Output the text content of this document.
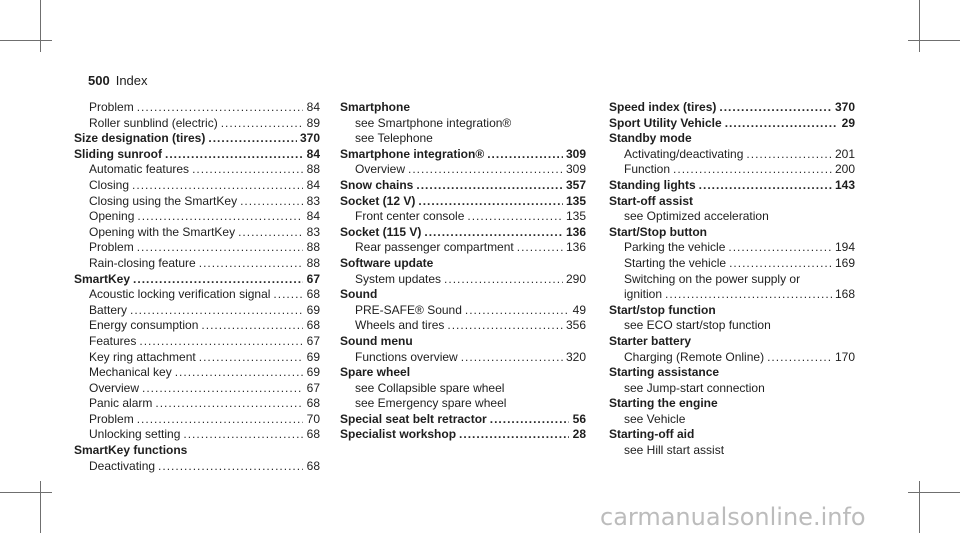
500 Index
Problem .....	84
Roller sunblind (electric) .....	89
Size designation (tires) .....	370
Sliding sunroof .....	84
Automatic features .....	88
Closing .....	84
Closing using the SmartKey .....	83
Opening .....	84
Opening with the SmartKey .....	83
Problem .....	88
Rain-closing feature .....	88
SmartKey .....	67
Acoustic locking verification signal .....	68
Battery .....	69
Energy consumption .....	68
Features .....	67
Key ring attachment .....	69
Mechanical key .....	69
Overview .....	67
Panic alarm .....	68
Problem .....	70
Unlocking setting .....	68
SmartKey functions
Deactivating .....	68
Smartphone
see Smartphone integration®
see Telephone
Smartphone integration® .....	309
Overview .....	309
Snow chains .....	357
Socket (12 V) .....	135
Front center console .....	135
Socket (115 V) .....	136
Rear passenger compartment .....	136
Software update
System updates .....	290
Sound
PRE-SAFE® Sound .....	49
Wheels and tires .....	356
Sound menu
Functions overview .....	320
Spare wheel
see Collapsible spare wheel
see Emergency spare wheel
Special seat belt retractor .....	56
Specialist workshop .....	28
Speed index (tires) .....	370
Sport Utility Vehicle .....	29
Standby mode
Activating/deactivating .....	201
Function .....	200
Standing lights .....	143
Start-off assist
see Optimized acceleration
Start/Stop button
Parking the vehicle .....	194
Starting the vehicle .....	169
Switching on the power supply or
ignition .....	168
Start/stop function
see ECO start/stop function
Starter battery
Charging (Remote Online) .....	170
Starting assistance
see Jump-start connection
Starting the engine
see Vehicle
Starting-off aid
see Hill start assist
carmanualsonline.info
